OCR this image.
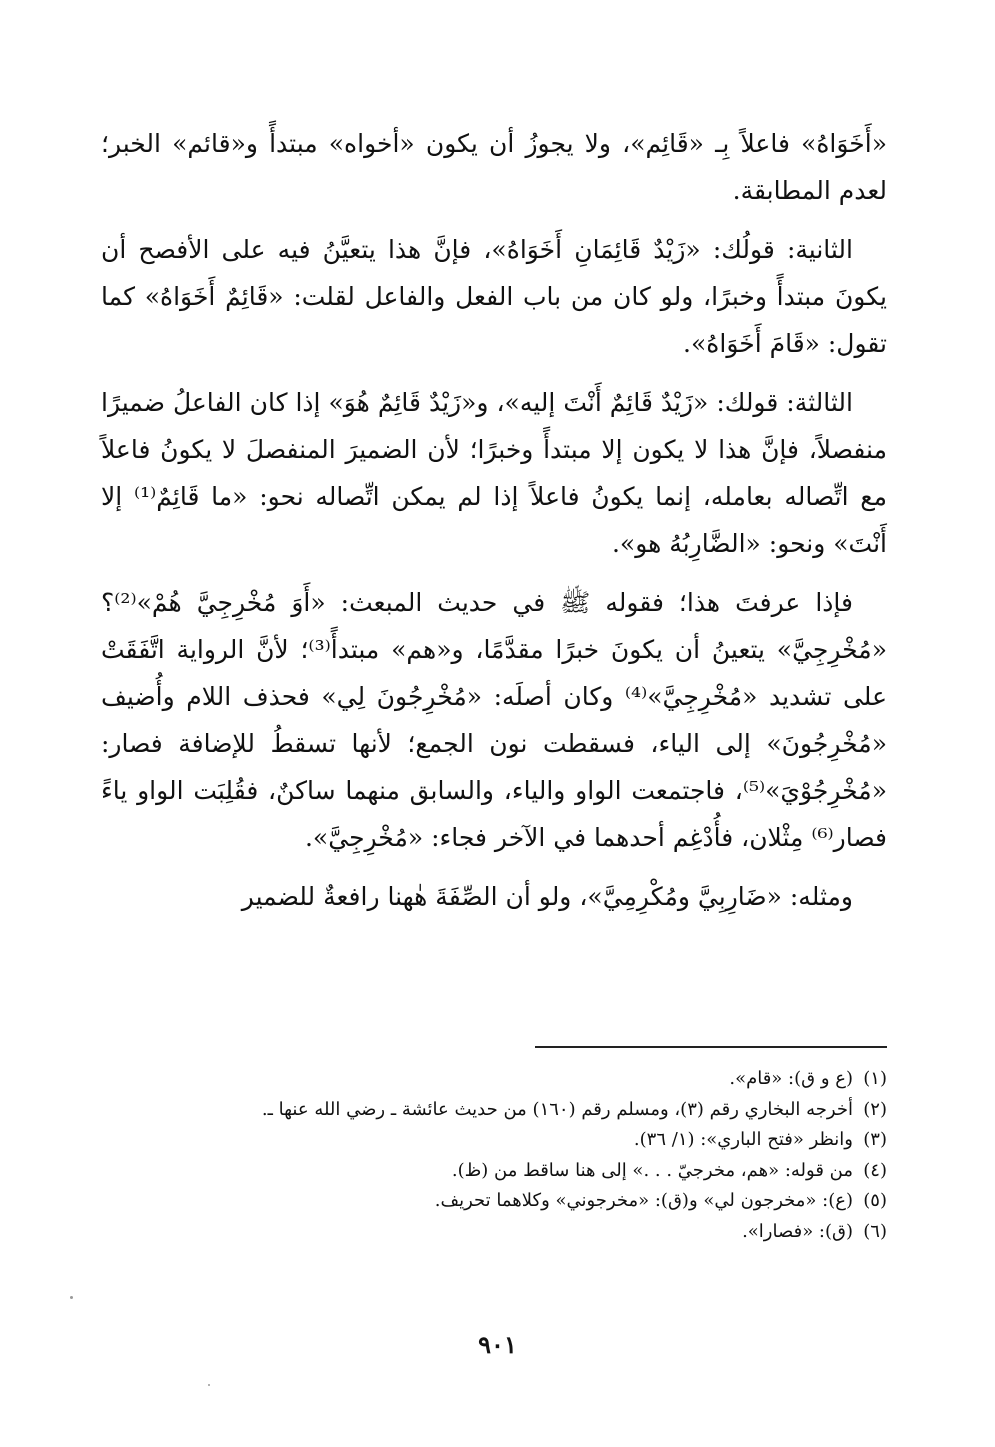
«أَخَوَاهُ» فاعلاً بِـ «قَائِم»، ولا يجوزُ أن يكون «أخواه» مبتدأً و«قائم» الخبر؛ لعدم المطابقة.

الثانية: قولُك: «زَيْدٌ قَائِمَانِ أَخَوَاهُ»، فإنَّ هذا يتعيَّنُ فيه على الأفصح أن يكونَ مبتدأً وخبرًا، ولو كان من باب الفعل والفاعل لقلت: «قَائِمٌ أَخَوَاهُ» كما تقول: «قَامَ أَخَوَاهُ».

الثالثة: قولك: «زَيْدٌ قَائِمٌ أَنْتَ إليه»، و«زَيْدٌ قَائِمٌ هُوَ» إذا كان الفاعلُ ضميرًا منفصلاً، فإنَّ هذا لا يكون إلا مبتدأً وخبرًا؛ لأن الضميرَ المنفصلَ لا يكونُ فاعلاً مع اتِّصاله بعامله، إنما يكونُ فاعلاً إذا لم يمكن اتِّصاله نحو: «ما قَائِمٌ⁽¹⁾ إلا أَنْتَ» ونحو: «الضَّارِبُهُ هو».

فإذا عرفتَ هذا؛ فقوله ﷺ في حديث المبعث: «أَوَ مُخْرِجِيَّ هُمْ»⁽²⁾؟ «مُخْرِجِيَّ» يتعينُ أن يكونَ خبرًا مقدَّمًا، و«هم» مبتدأً⁽³⁾؛ لأنَّ الرواية اتَّفَقَتْ على تشديد «مُخْرِجِيَّ»⁽⁴⁾ وكان أصلَه: «مُخْرِجُونَ لِي» فحذف اللام وأُضيف «مُخْرِجُونَ» إلى الياء، فسقطت نون الجمع؛ لأنها تسقطُ للإضافة فصار: «مُخْرِجُوْيَ»⁽⁵⁾، فاجتمعت الواو والياء، والسابق منهما ساكنٌ، فقُلِبَت الواو ياءً فصار⁽⁶⁾ مِثْلان، فأُدْغِم أحدهما في الآخر فجاء: «مُخْرِجِيَّ».

ومثله: «ضَارِبِيَّ ومُكْرِمِيَّ»، ولو أن الصِّفَةَ هٰهنا رافعةٌ للضمير

(١)
(ع و ق): «قام».
(٢)
أخرجه البخاري رقم (٣)، ومسلم رقم (١٦٠) من حديث عائشة ـ رضي الله عنها ـ.
(٣)
وانظر «فتح الباري»: (١/ ٣٦).
(٤)
من قوله: «هم، مخرجيّ . . .» إلى هنا ساقط من (ظ).
(٥)
(ع): «مخرجون لي» و(ق): «مخرجوني» وكلاهما تحريف.
(٦)
(ق): «فصارا».
٩٠١
